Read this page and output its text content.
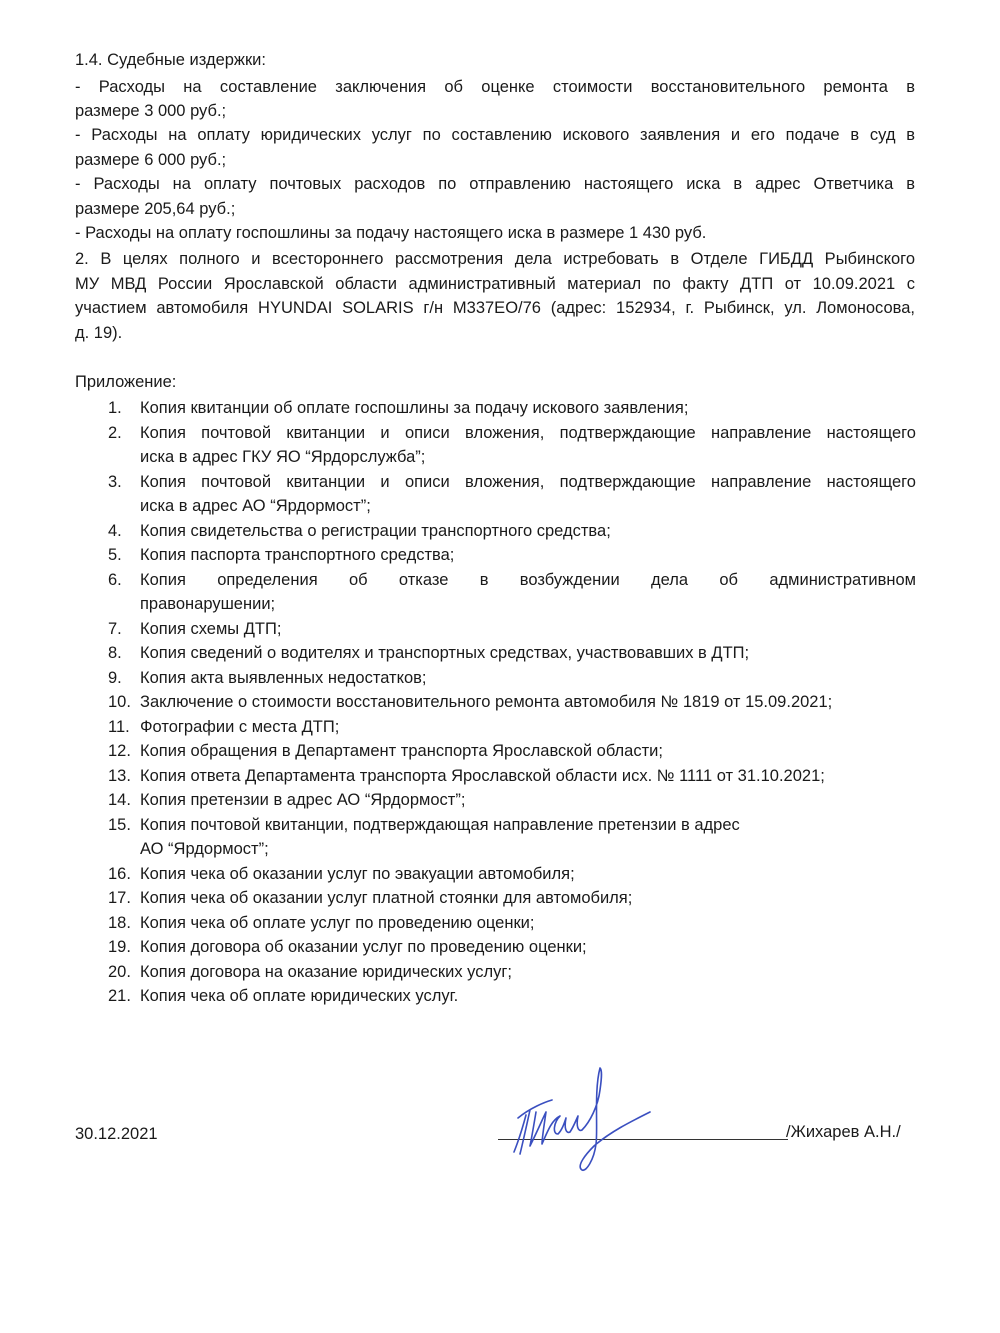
1.4. Судебные издержки:
- Расходы на составление заключения об оценке стоимости восстановительного ремонта в
размере 3 000 руб.;
- Расходы на оплату юридических услуг по составлению искового заявления и его подаче в суд в
размере 6 000 руб.;
- Расходы на оплату почтовых расходов по отправлению настоящего иска в адрес Ответчика в
размере 205,64 руб.;
- Расходы на оплату госпошлины за подачу настоящего иска в размере 1 430 руб.
2. В целях полного и всестороннего рассмотрения дела истребовать в Отделе ГИБДД Рыбинского
МУ МВД России Ярославской области административный материал по факту ДТП от 10.09.2021 с
участием автомобиля HYUNDAI SOLARIS г/н М337ЕО/76 (адрес: 152934, г. Рыбинск, ул. Ломоносова,
д. 19).
Приложение:
1.	Копия квитанции об оплате госпошлины за подачу искового заявления;
2.	Копия почтовой квитанции и описи вложения, подтверждающие направление настоящего
иска в адрес ГКУ ЯО “Ярдорслужба”;
3.	Копия почтовой квитанции и описи вложения, подтверждающие направление настоящего
иска в адрес АО “Ярдормост”;
4.	Копия свидетельства о регистрации транспортного средства;
5.	Копия паспорта транспортного средства;
6.	Копия определения об отказе в возбуждении дела об административном
правонарушении;
7.	Копия схемы ДТП;
8.	Копия сведений о водителях и транспортных средствах, участвовавших в ДТП;
9.	Копия акта выявленных недостатков;
10. Заключение о стоимости восстановительного ремонта автомобиля № 1819 от 15.09.2021;
11. Фотографии с места ДТП;
12. Копия обращения в Департамент транспорта Ярославской области;
13. Копия ответа Департамента транспорта Ярославской области исх. № 1111 от 31.10.2021;
14. Копия претензии в адрес АО “Ярдормост”;
15. Копия почтовой квитанции, подтверждающая направление претензии в адрес
АО “Ярдормост”;
16. Копия чека об оказании услуг по эвакуации автомобиля;
17. Копия чека об оказании услуг платной стоянки для автомобиля;
18. Копия чека об оплате услуг по проведению оценки;
19. Копия договора об оказании услуг по проведению оценки;
20. Копия договора на оказание юридических услуг;
21. Копия чека об оплате юридических услуг.
30.12.2021	/Жихарев А.Н./
